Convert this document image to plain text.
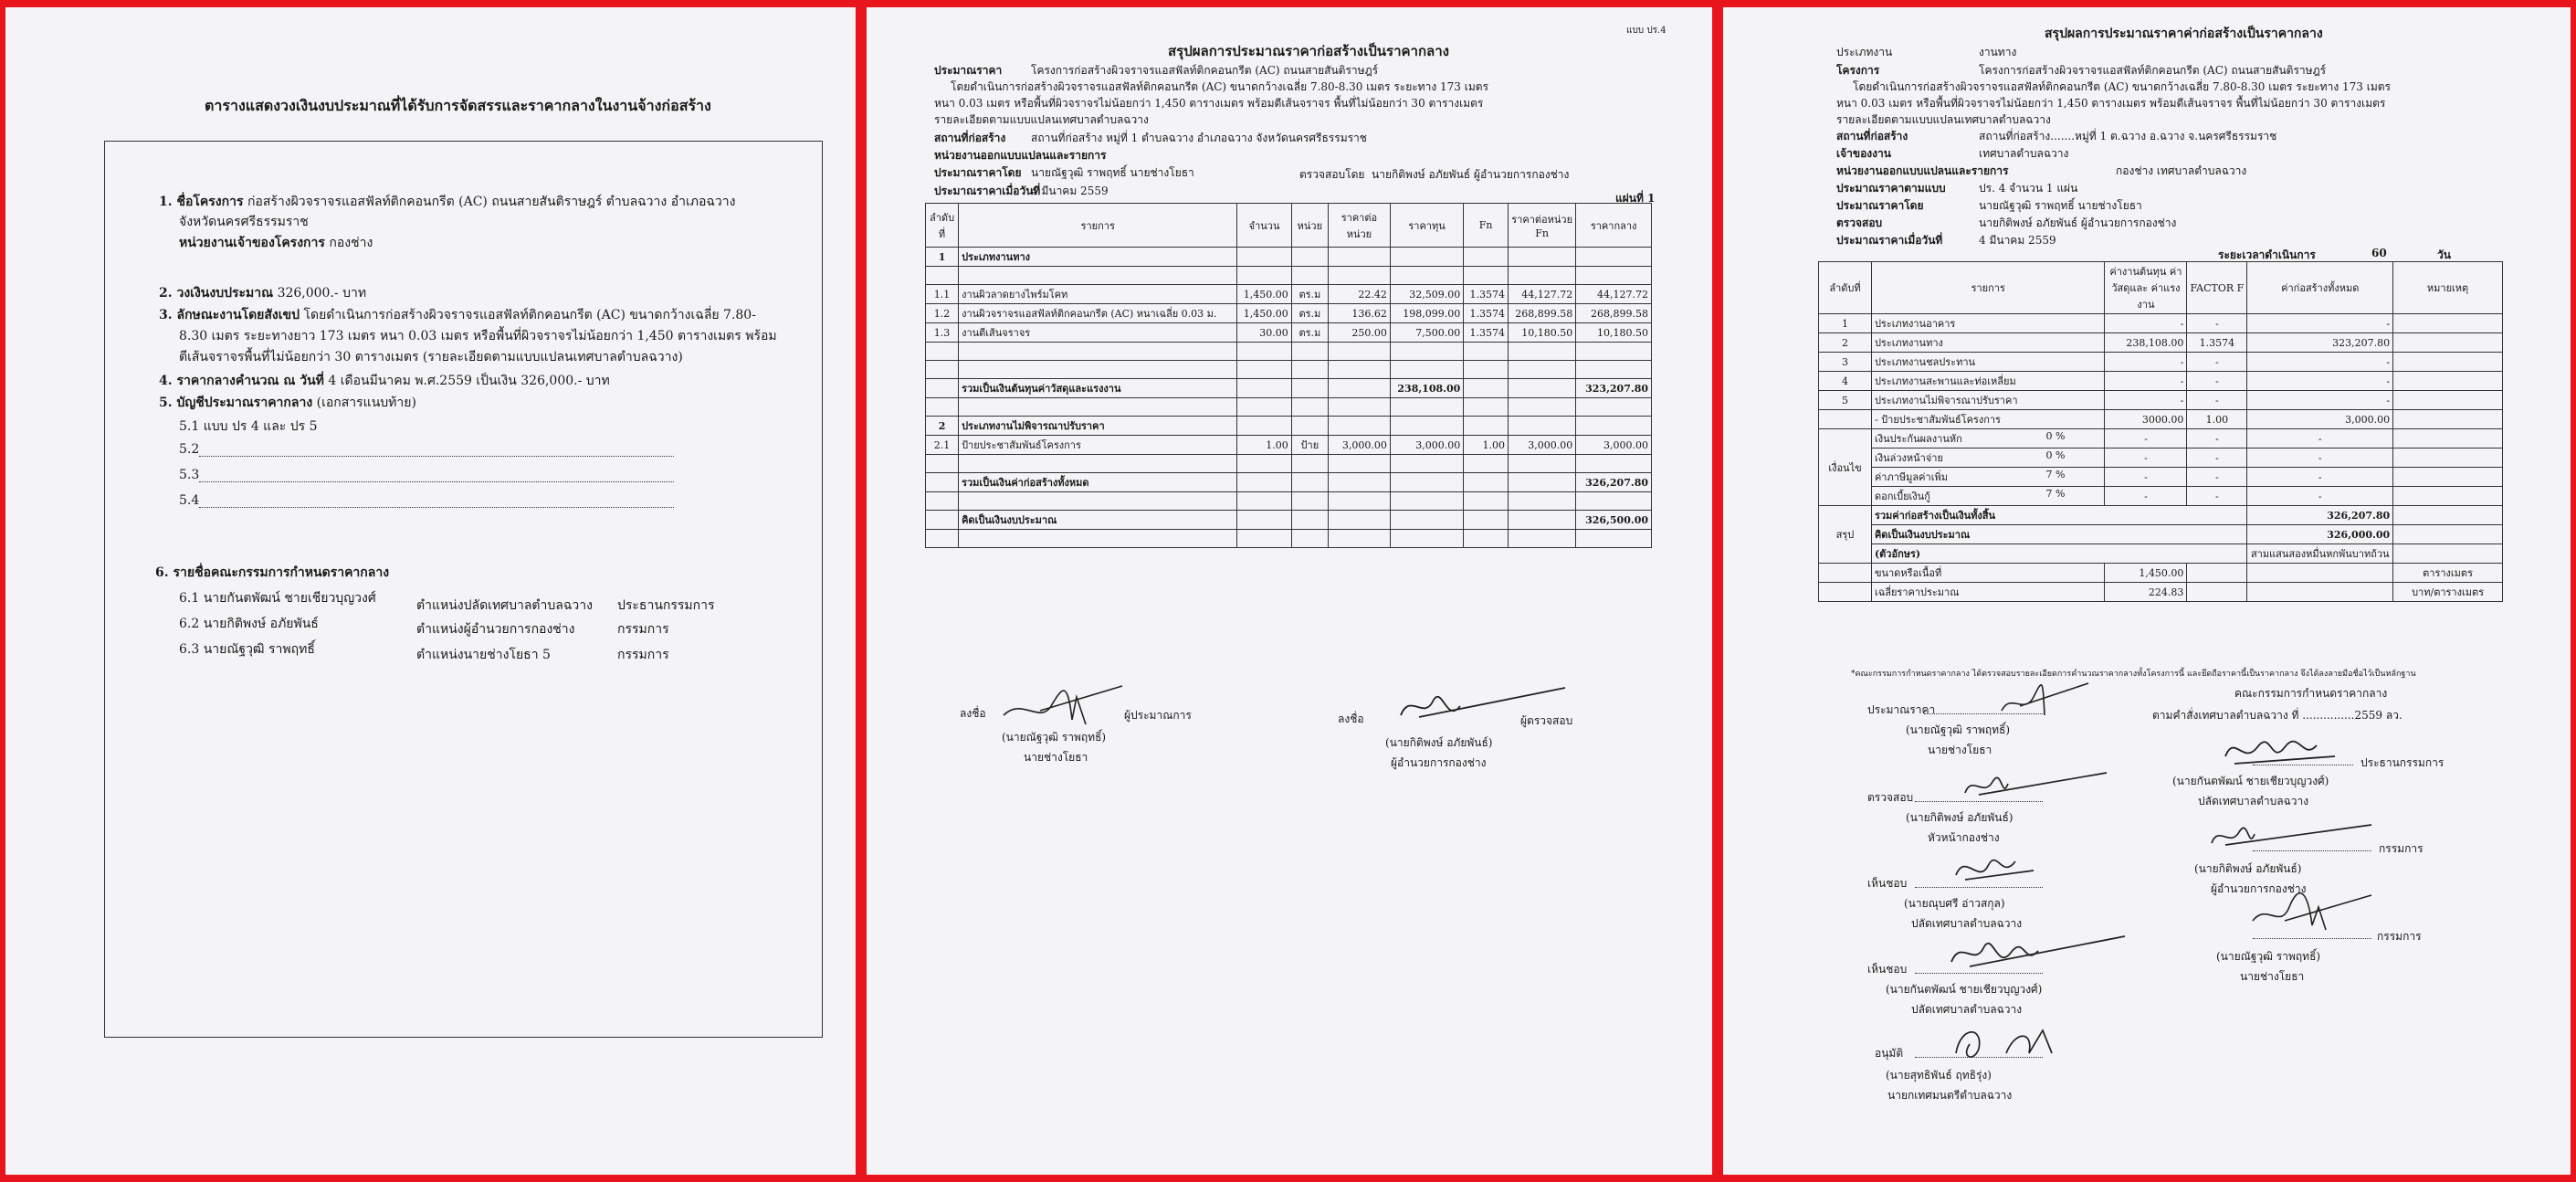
ตารางแสดงวงเงินงบประมาณที่ได้รับการจัดสรรและราคากลางในงานจ้างก่อสร้าง
1. ชื่อโครงการ ก่อสร้างผิวจราจรแอสฟัลท์ติกคอนกรีต (AC) ถนนสายสันติราษฎร์ ตำบลฉวาง อำเภอฉวาง
จังหวัดนครศรีธรรมราช
หน่วยงานเจ้าของโครงการ กองช่าง
2. วงเงินงบประมาณ 326,000.- บาท
3. ลักษณะงานโดยสังเขป โดยดำเนินการก่อสร้างผิวจราจรแอสฟัลท์ติกคอนกรีต (AC) ขนาดกว้างเฉลี่ย 7.80-
8.30 เมตร ระยะทางยาว 173 เมตร หนา 0.03 เมตร หรือพื้นที่ผิวจราจรไม่น้อยกว่า 1,450 ตารางเมตร พร้อม
ตีเส้นจราจรพื้นที่ไม่น้อยกว่า 30 ตารางเมตร (รายละเอียดตามแบบแปลนเทศบาลตำบลฉวาง)
4. ราคากลางคำนวณ ณ วันที่ 4 เดือนมีนาคม พ.ศ.2559 เป็นเงิน 326,000.- บาท
5. บัญชีประมาณราคากลาง (เอกสารแนบท้าย)
5.1 แบบ ปร 4 และ ปร 5
5.2
5.3
5.4
6. รายชื่อคณะกรรมการกำหนดราคากลาง
6.1 นายกันตพัฒน์ ชายเชียวบุญวงศ์	ตำแหน่งปลัดเทศบาลตำบลฉวาง ประธานกรรมการ
6.2 นายกิติพงษ์ อภัยพันธ์	ตำแหน่งผู้อำนวยการกองช่าง	กรรมการ
6.3 นายณัฐวุฒิ ราพฤทธิ์	ตำแหน่งนายช่างโยธา 5	กรรมการ
แบบ ปร.4
สรุปผลการประมาณราคาก่อสร้างเป็นราคากลาง
ประมาณราคา	โครงการก่อสร้างผิวจราจรแอสฟัลท์ติกคอนกรีต (AC) ถนนสายสันติราษฎร์
โดยดำเนินการก่อสร้างผิวจราจรแอสฟัลท์ติกคอนกรีต (AC) ขนาดกว้างเฉลี่ย 7.80-8.30 เมตร ระยะทาง 173 เมตร
หนา 0.03 เมตร หรือพื้นที่ผิวจราจรไม่น้อยกว่า 1,450 ตารางเมตร พร้อมตีเส้นจราจร พื้นที่ไม่น้อยกว่า 30 ตารางเมตร
รายละเอียดตามแบบแปลนเทศบาลตำบลฉวาง
สถานที่ก่อสร้าง สถานที่ก่อสร้าง หมู่ที่ 1 ตำบลฉวาง อำเภอฉวาง จังหวัดนครศรีธรรมราช
หน่วยงานออกแบบแปลนและรายการ
ประมาณราคาโดย นายณัฐวุฒิ ราพฤทธิ์ นายช่างโยธา	ตรวจสอบโดย นายกิติพงษ์ อภัยพันธ์ ผู้อำนวยการกองช่าง
ประมาณราคาเมื่อวันที่
4 มีนาคม 2559
แผ่นที่ 1
ลำดับที่	รายการ	จำนวน	หน่วย	ราคาต่อหน่วย	ราคาทุน	Fn	ราคาต่อหน่วย Fn	ราคากลาง
1	ประเภทงานทาง							

1.1	งานผิวลาดยางไพร์มโคท	1,450.00	ตร.ม	22.42	32,509.00	1.3574	44,127.72	44,127.72
1.2	งานผิวจราจรแอสฟัลท์ติกคอนกรีต (AC) หนาเฉลี่ย 0.03 ม.	1,450.00	ตร.ม	136.62	198,099.00	1.3574	268,899.58	268,899.58
1.3	งานตีเส้นจราจร	30.00	ตร.ม	250.00	7,500.00	1.3574	10,180.50	10,180.50

	รวมเป็นเงินต้นทุนค่าวัสดุและแรงงาน				238,108.00			323,207.80

2	ประเภทงานไม่พิจารณาปรับราคา							
2.1	ป้ายประชาสัมพันธ์โครงการ	1.00	ป้าย	3,000.00	3,000.00	1.00	3,000.00	3,000.00

	รวมเป็นเงินค่าก่อสร้างทั้งหมด							326,207.80

	คิดเป็นเงินงบประมาณ							326,500.00

ลงชื่อ	ผู้ประมาณการ
(นายณัฐวุฒิ ราพฤทธิ์)
นายช่างโยธา
ลงชื่อ	ผู้ตรวจสอบ
(นายกิติพงษ์ อภัยพันธ์)
ผู้อำนวยการกองช่าง
สรุปผลการประมาณราคาค่าก่อสร้างเป็นราคากลาง
ประเภทงาน	งานทาง
โครงการ	โครงการก่อสร้างผิวจราจรแอสฟัลท์ติกคอนกรีต (AC) ถนนสายสันติราษฎร์
โดยดำเนินการก่อสร้างผิวจราจรแอสฟัลท์ติกคอนกรีต (AC) ขนาดกว้างเฉลี่ย 7.80-8.30 เมตร ระยะทาง 173 เมตร
หนา 0.03 เมตร หรือพื้นที่ผิวจราจรไม่น้อยกว่า 1,450 ตารางเมตร พร้อมตีเส้นจราจร พื้นที่ไม่น้อยกว่า 30 ตารางเมตร
รายละเอียดตามแบบแปลนเทศบาลตำบลฉวาง
สถานที่ก่อสร้าง	สถานที่ก่อสร้าง.......หมู่ที่ 1 ต.ฉวาง อ.ฉวาง จ.นครศรีธรรมราช
เจ้าของงาน	เทศบาลตำบลฉวาง
หน่วยงานออกแบบแปลนและรายการ	กองช่าง เทศบาลตำบลฉวาง
ประมาณราคาตามแบบ	ปร. 4 จำนวน 1 แผ่น
ประมาณราคาโดย	นายณัฐวุฒิ ราพฤทธิ์ นายช่างโยธา
ตรวจสอบ	นายกิติพงษ์ อภัยพันธ์ ผู้อำนวยการกองช่าง
ประมาณราคาเมื่อวันที่	4 มีนาคม 2559
ระยะเวลาดำเนินการ	60	วัน
ลำดับที่	รายการ	ค่างานต้นทุน ค่าวัสดุและ ค่าแรงงาน	FACTOR F	ค่าก่อสร้างทั้งหมด	หมายเหตุ
1	ประเภทงานอาคาร	-	-	-	
2	ประเภทงานทาง	238,108.00	1.3574	323,207.80	
3	ประเภทงานชลประทาน	-	-	-	
4	ประเภทงานสะพานและท่อเหลี่ยม	-	-	-	
5	ประเภทงานไม่พิจารณาปรับราคา	-	-	-	
	- ป้ายประชาสัมพันธ์โครงการ	3000.00	1.00	3,000.00	
เงื่อนไข	เงินประกันผลงานหัก 0 %	-	-	-	
	เงินล่วงหน้าจ่าย 0 %	-	-	-	
	ค่าภาษีมูลค่าเพิ่ม 7 %	-	-	-	
	ดอกเบี้ยเงินกู้ 7 %	-	-	-	
สรุป	รวมค่าก่อสร้างเป็นเงินทั้งสิ้น			326,207.80	
	คิดเป็นเงินงบประมาณ			326,000.00	
	(ตัวอักษร)			สามแสนสองหมื่นหกพันบาทถ้วน	
	ขนาดหรือเนื้อที่	1,450.00			ตารางเมตร
	เฉลี่ยราคาประมาณ	224.83			บาท/ตารางเมตร
*คณะกรรมการกำหนดราคากลาง ได้ตรวจสอบรายละเอียดการคำนวณราคากลางทั้งโครงการนี้ และยึดถือราคานี้เป็นราคากลาง จึงได้ลงลายมือชื่อไว้เป็นหลักฐาน
คณะกรรมการกำหนดราคากลาง
ประมาณราคา
(นายณัฐวุฒิ ราพฤทธิ์)
นายช่างโยธา
ตามคำสั่งเทศบาลตำบลฉวาง ที่ ...............2559 ลว.
ประธานกรรมการ
(นายกันตพัฒน์ ชายเชียวบุญวงศ์)
ปลัดเทศบาลตำบลฉวาง
ตรวจสอบ
(นายกิติพงษ์ อภัยพันธ์)
หัวหน้ากองช่าง
กรรมการ
(นายกิติพงษ์ อภัยพันธ์)
ผู้อำนวยการกองช่าง
เห็นชอบ
(นายณุบศรี อ่าวสกุล)
ปลัดเทศบาลตำบลฉวาง
กรรมการ
(นายณัฐวุฒิ ราพฤทธิ์)
นายช่างโยธา
เห็นชอบ
(นายกันตพัฒน์ ชายเชียวบุญวงศ์)
ปลัดเทศบาลตำบลฉวาง
อนุมัติ
(นายสุทธิพันธ์ ฤทธิรุ่ง)
นายกเทศมนตรีตำบลฉวาง
